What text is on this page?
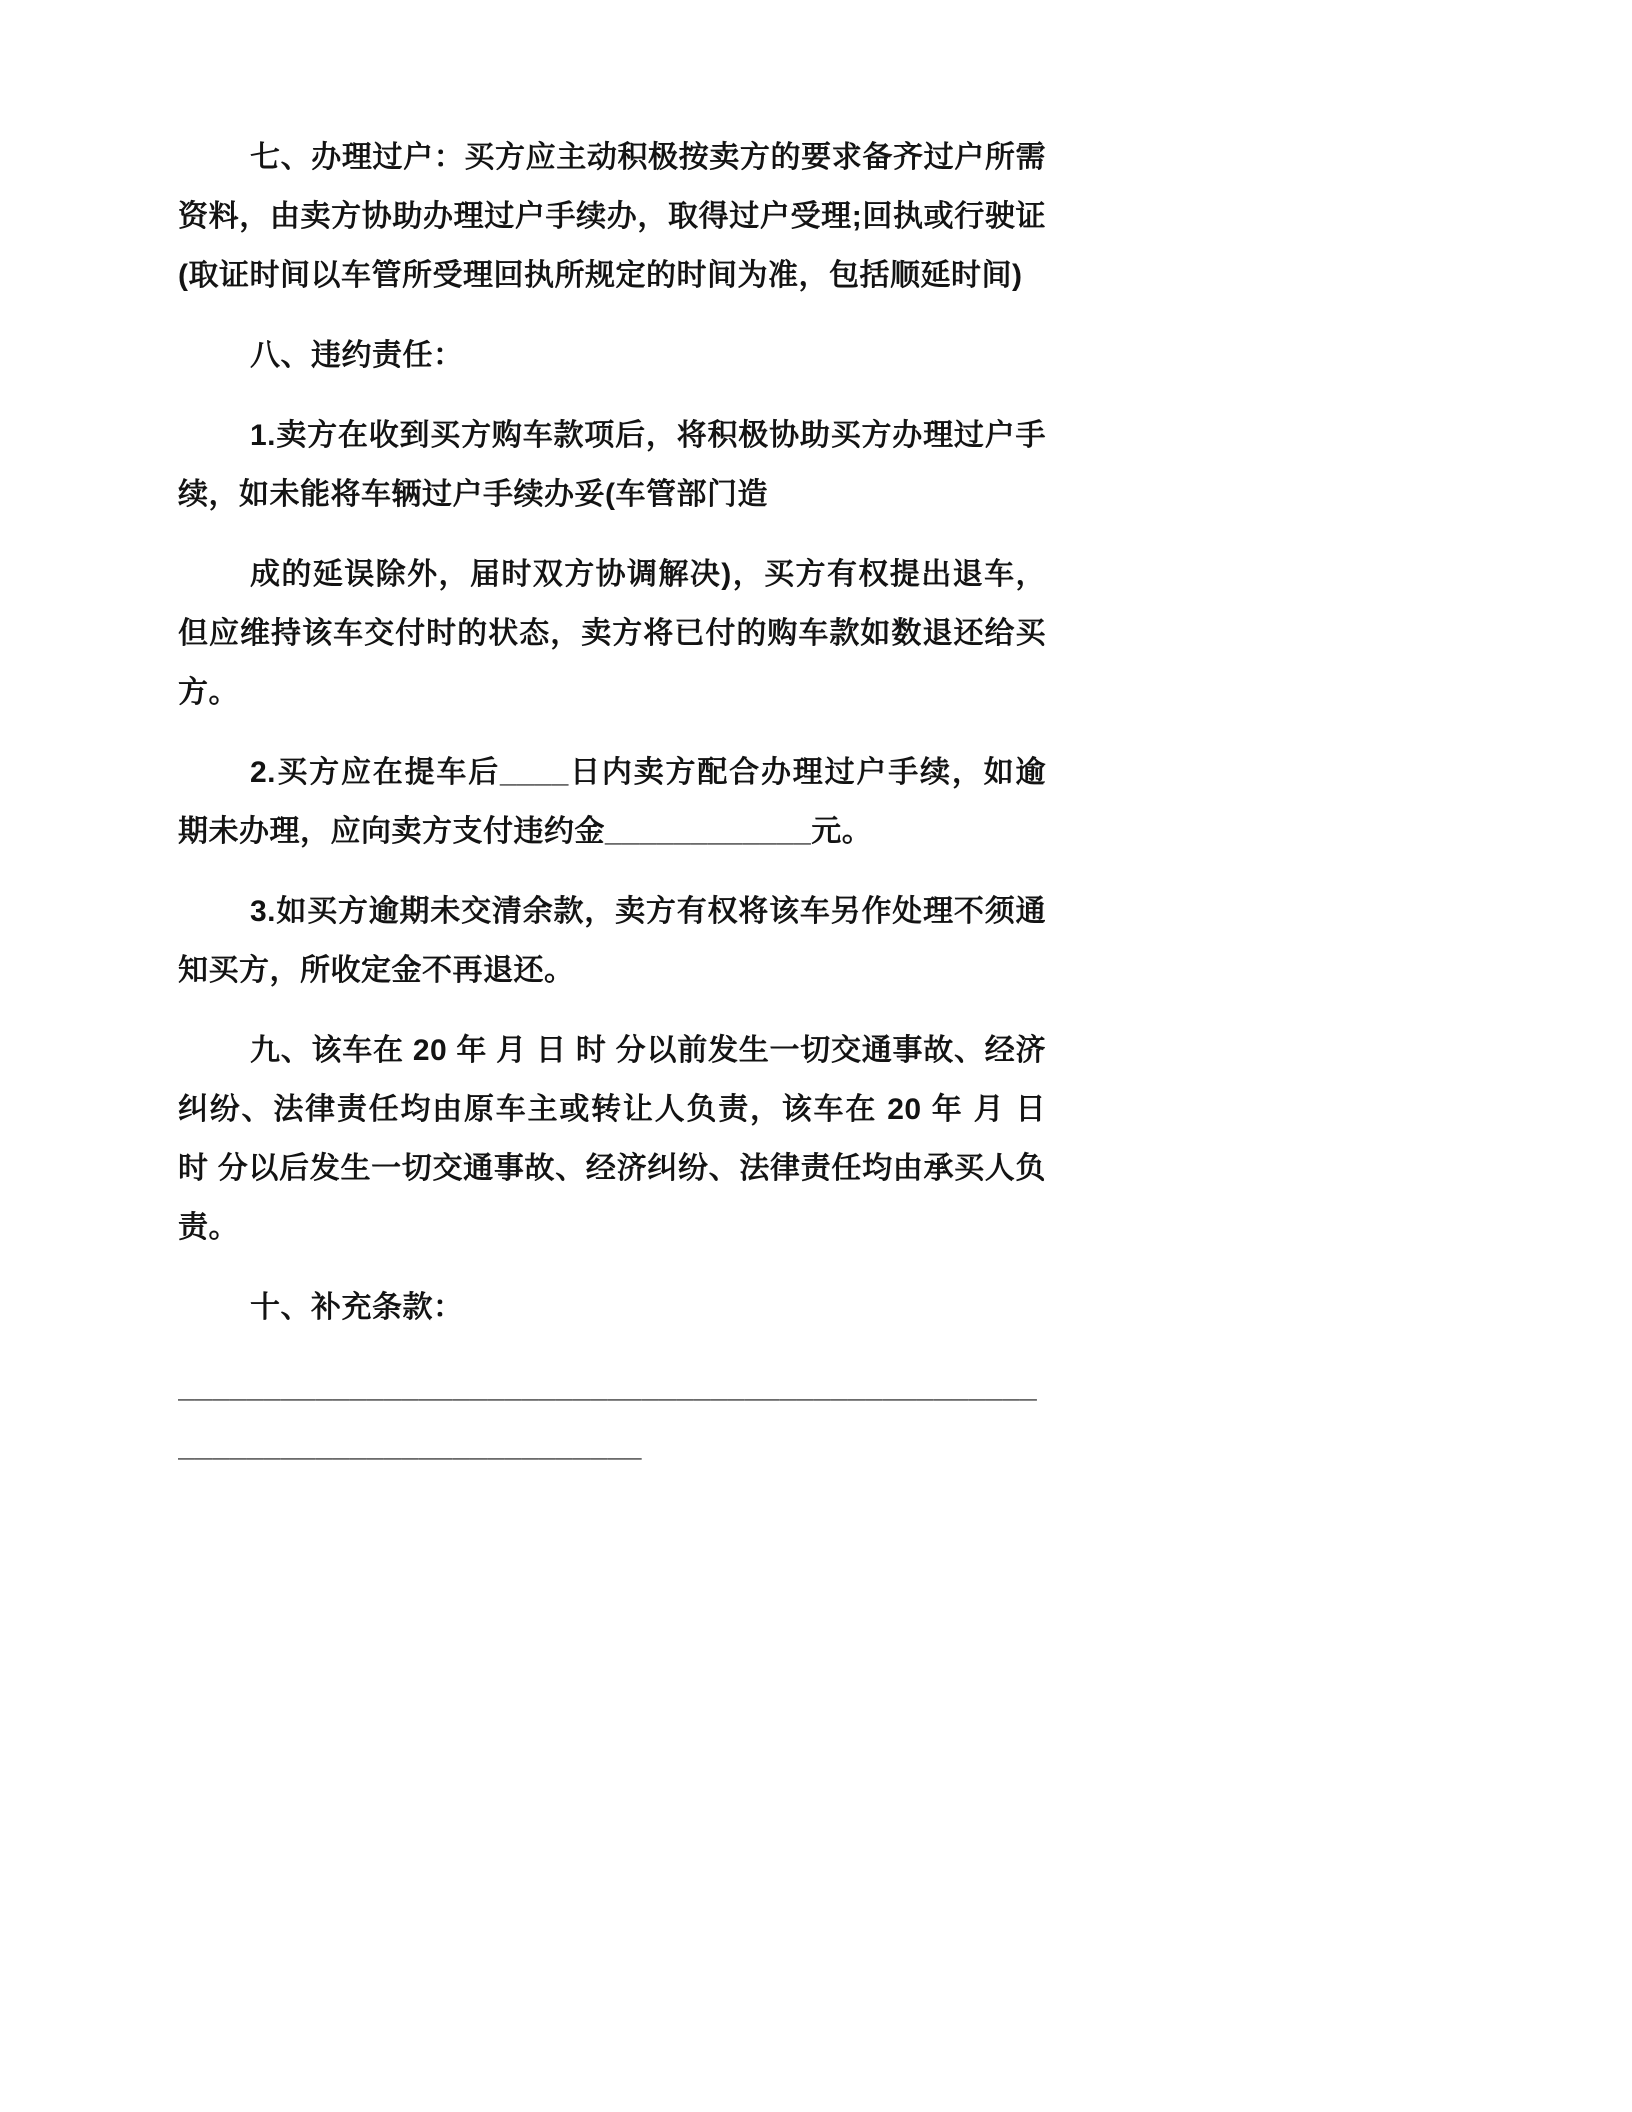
七、办理过户：买方应主动积极按卖方的要求备齐过户所需资料，由卖方协助办理过户手续办，取得过户受理;回执或行驶证(取证时间以车管所受理回执所规定的时间为准，包括顺延时间)

八、违约责任：

1.卖方在收到买方购车款项后，将积极协助买方办理过户手续，如未能将车辆过户手续办妥(车管部门造

成的延误除外，届时双方协调解决)，买方有权提出退车，但应维持该车交付时的状态，卖方将已付的购车款如数退还给买方。

2.买方应在提车后____日内卖方配合办理过户手续，如逾期未办理，应向卖方支付违约金____________元。

3.如买方逾期未交清余款，卖方有权将该车另作处理不须通知买方，所收定金不再退还。

九、该车在 20 年 月 日 时 分以前发生一切交通事故、经济纠纷、法律责任均由原车主或转让人负责，该车在 20 年 月 日 时 分以后发生一切交通事故、经济纠纷、法律责任均由承买人负责。

十、补充条款：

__________________________________________________

___________________________
